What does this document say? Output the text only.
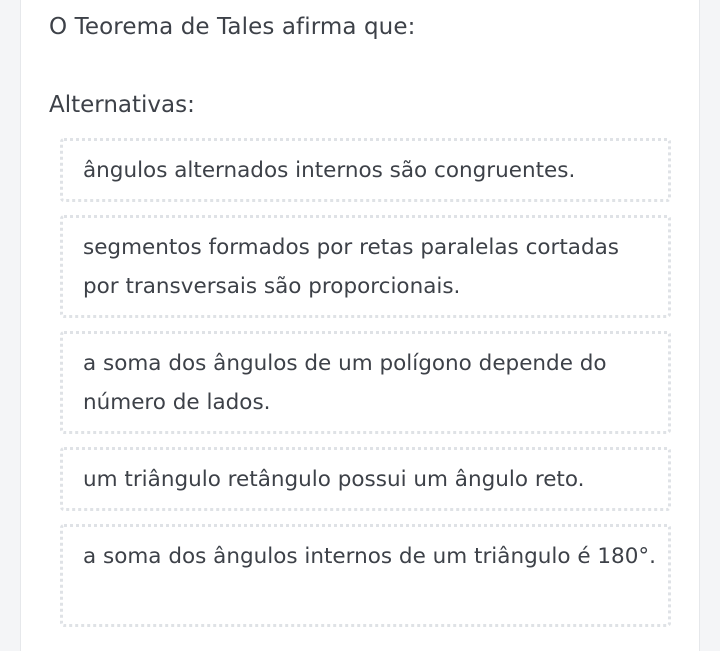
O Teorema de Tales afirma que:
Alternativas:
ângulos alternados internos são congruentes.
segmentos formados por retas paralelas cortadas por transversais são proporcionais.
a soma dos ângulos de um polígono depende do número de lados.
um triângulo retângulo possui um ângulo reto.
a soma dos ângulos internos de um triângulo é 180°.
